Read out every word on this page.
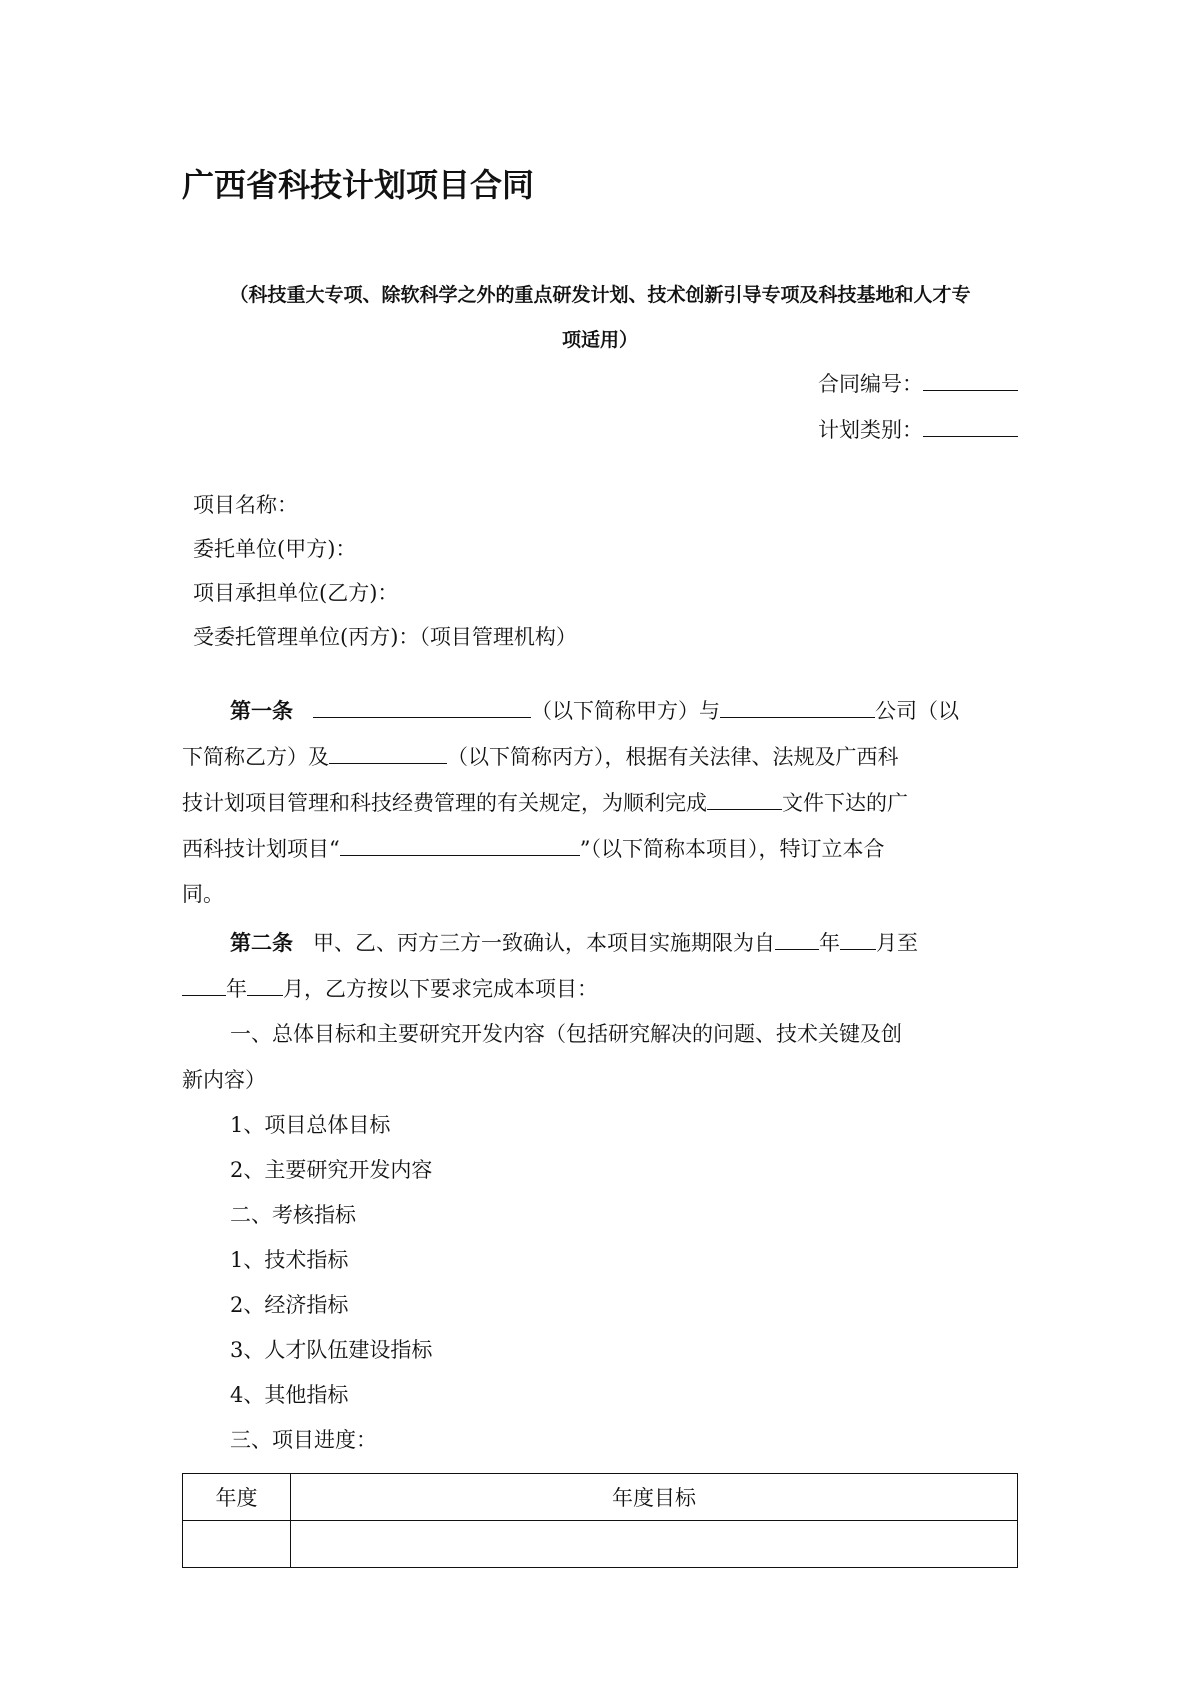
广西省科技计划项目合同
（科技重大专项、除软科学之外的重点研发计划、技术创新引导专项及科技基地和人才专
项适用）
合同编号：
计划类别：
项目名称：
委托单位(甲方)：
项目承担单位(乙方)：
受委托管理单位(丙方)：（项目管理机构）
第一条	（以下简称甲方）与	公司（以
下简称乙方）及	（以下简称丙方），根据有关法律、法规及广西科
技计划项目管理和科技经费管理的有关规定，为顺利完成	文件下达的广
西科技计划项目“	”（以下简称本项目），特订立本合
同。
第二条 甲、乙、丙方三方一致确认，本项目实施期限为自 年 月至
年 月，乙方按以下要求完成本项目：
一、总体目标和主要研究开发内容（包括研究解决的问题、技术关键及创
新内容）
1、项目总体目标
2、主要研究开发内容
二、考核指标
1、技术指标
2、经济指标
3、人才队伍建设指标
4、其他指标
三、项目进度：
年度	年度目标
